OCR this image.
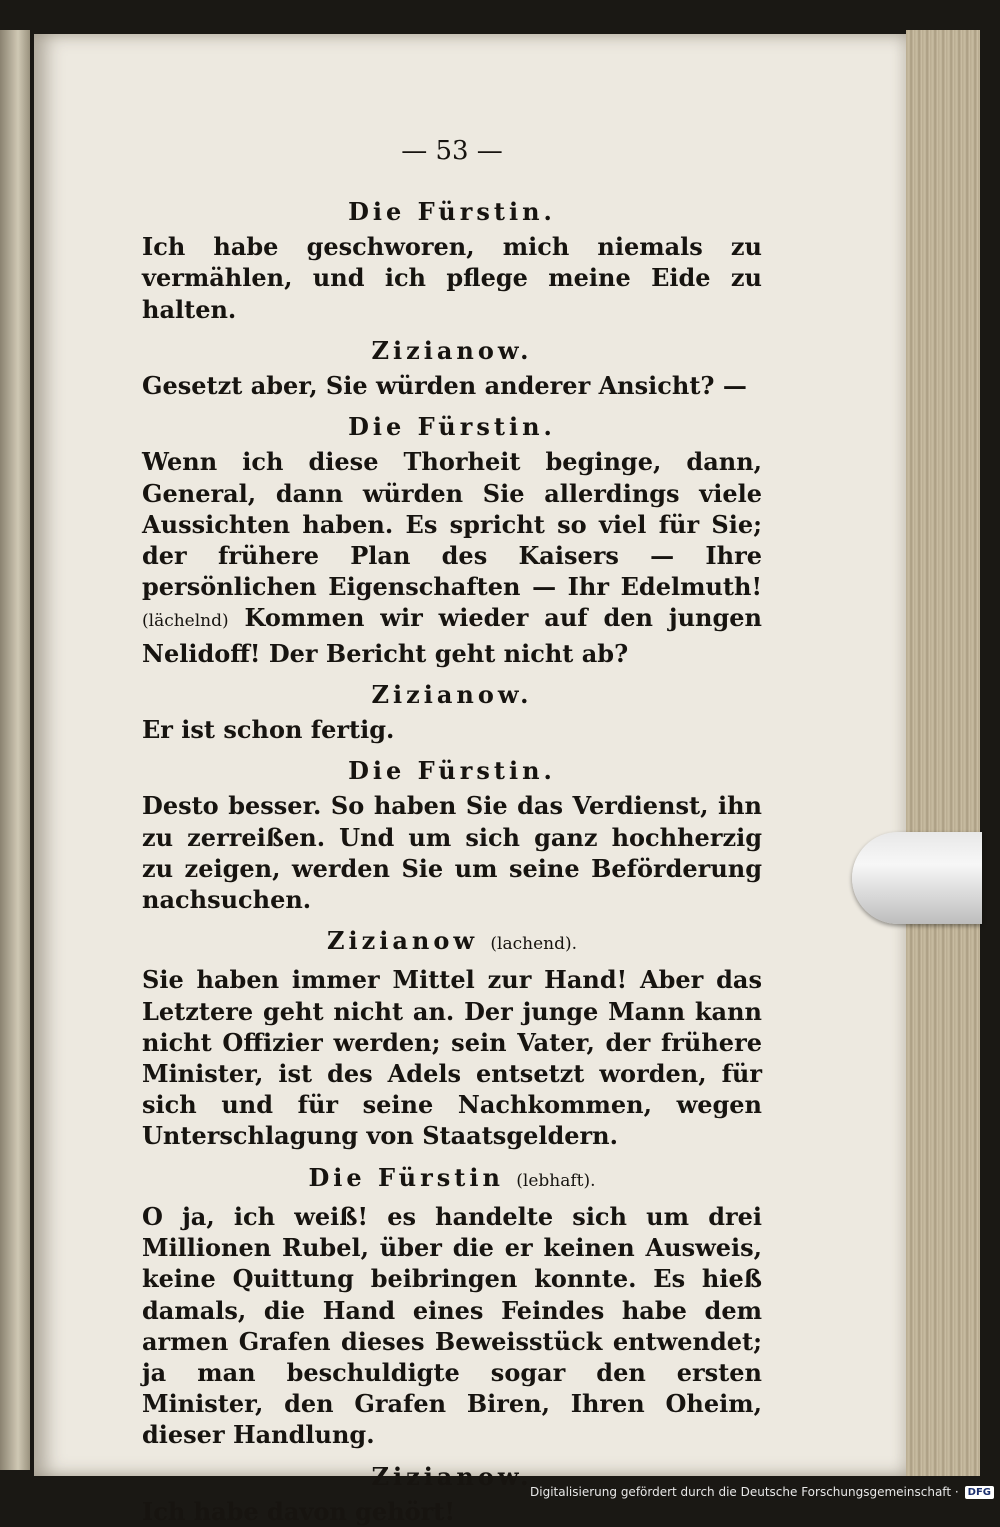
— 53 —
Die Fürstin.

Ich habe geschworen, mich niemals zu vermählen, und ich pflege meine Eide zu halten.

Zizianow.

Gesetzt aber, Sie würden anderer Ansicht? —

Die Fürstin.

Wenn ich diese Thorheit beginge, dann, General, dann würden Sie allerdings viele Aussichten haben. Es spricht so viel für Sie; der frühere Plan des Kaisers — Ihre persönlichen Eigenschaften — Ihr Edelmuth! (lächelnd) Kommen wir wieder auf den jungen Nelidoff! Der Bericht geht nicht ab?

Zizianow.

Er ist schon fertig.

Die Fürstin.

Desto besser. So haben Sie das Verdienst, ihn zu zerreißen. Und um sich ganz hochherzig zu zeigen, werden Sie um seine Beförderung nachsuchen.

Zizianow (lachend).

Sie haben immer Mittel zur Hand! Aber das Letztere geht nicht an. Der junge Mann kann nicht Offizier werden; sein Vater, der frühere Minister, ist des Adels entsetzt worden, für sich und für seine Nachkommen, wegen Unterschlagung von Staatsgeldern.

Die Fürstin (lebhaft).

O ja, ich weiß! es handelte sich um drei Millionen Rubel, über die er keinen Ausweis, keine Quittung beibringen konnte. Es hieß damals, die Hand eines Feindes habe dem armen Grafen dieses Beweisstück entwendet; ja man beschuldigte sogar den ersten Minister, den Grafen Biren, Ihren Oheim, dieser Handlung.

Zizianow.

Ich habe davon gehört!

Digitalisierung gefördert durch die Deutsche Forschungsgemeinschaft · DFG
